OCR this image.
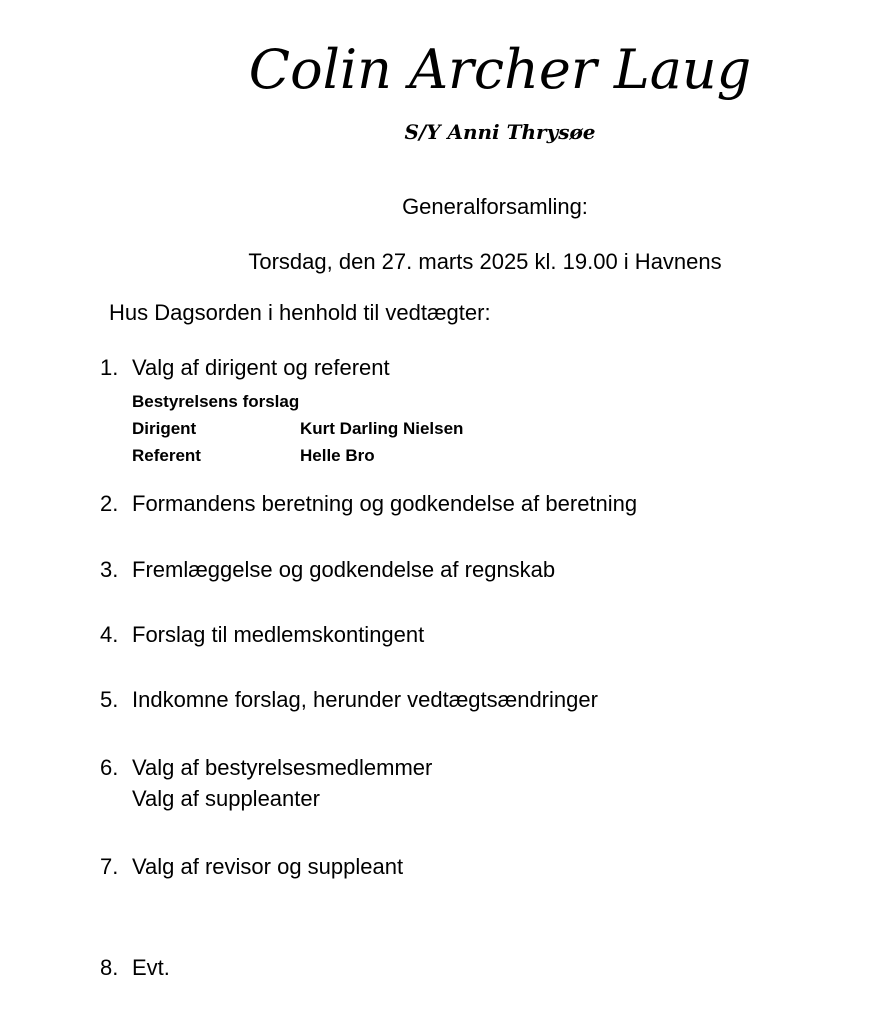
Colin Archer Laug
S/Y Anni Thrysøe
Generalforsamling:
Torsdag, den 27. marts 2025 kl. 19.00 i Havnens
Hus Dagsorden i henhold til vedtægter:
1. Valg af dirigent og referent
Bestyrelsens forslag
Dirigent	Kurt Darling Nielsen
Referent	Helle Bro
2. Formandens beretning og godkendelse af beretning
3. Fremlæggelse og godkendelse af regnskab
4. Forslag til medlemskontingent
5. Indkomne forslag, herunder vedtægtsændringer
6. Valg af bestyrelsesmedlemmer
Valg af suppleanter
7. Valg af revisor og suppleant
8. Evt.
